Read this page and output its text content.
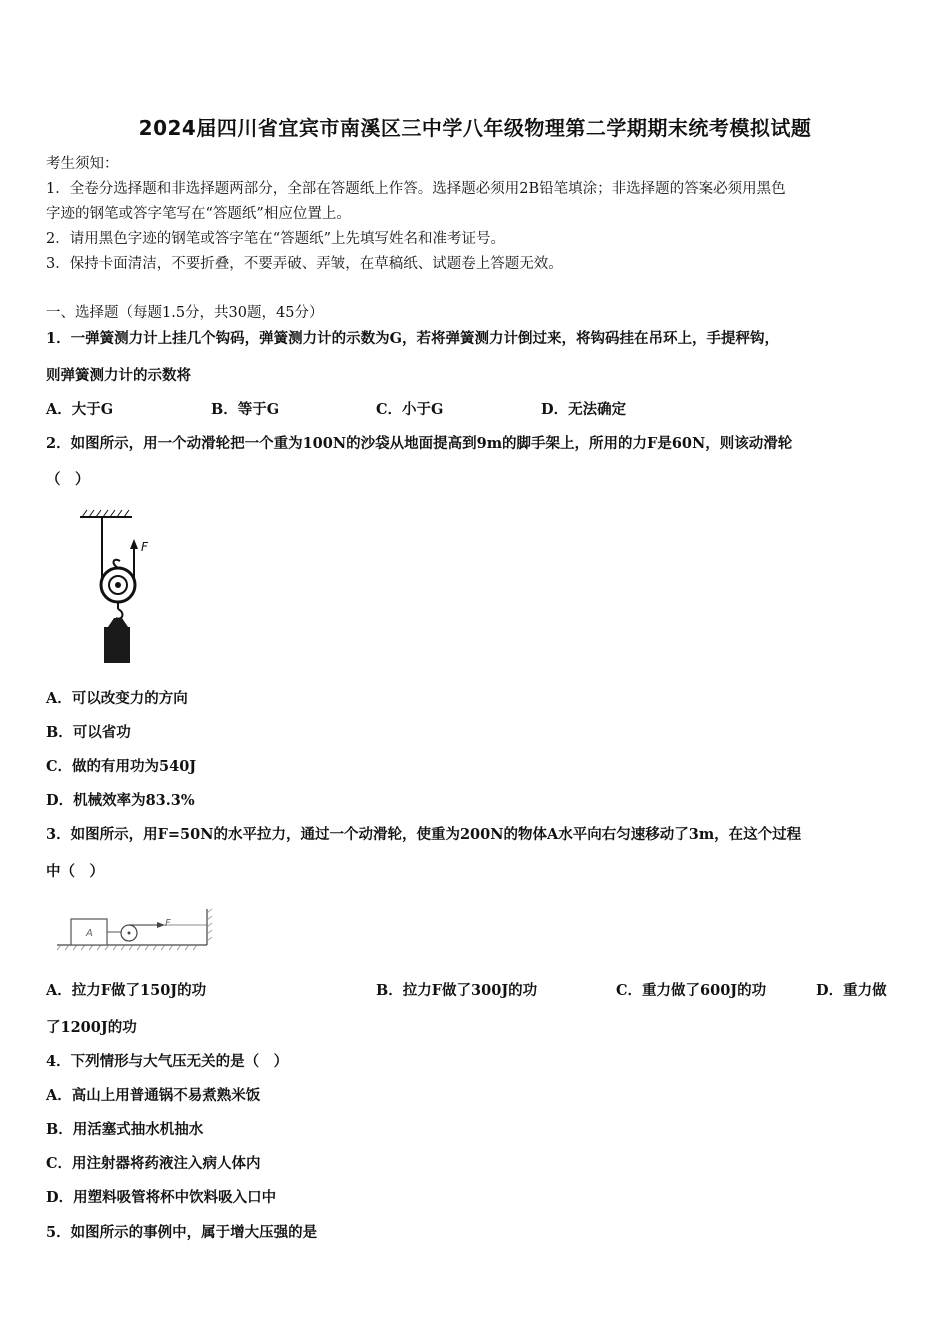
2024届四川省宜宾市南溪区三中学八年级物理第二学期期末统考模拟试题
考生须知：
1．全卷分选择题和非选择题两部分，全部在答题纸上作答。选择题必须用2B铅笔填涂；非选择题的答案必须用黑色
字迹的钢笔或答字笔写在“答题纸”相应位置上。
2．请用黑色字迹的钢笔或答字笔在“答题纸”上先填写姓名和准考证号。
3．保持卡面清洁，不要折叠，不要弄破、弄皱，在草稿纸、试题卷上答题无效。
一、选择题（每题1.5分，共30题，45分）
1．一弹簧测力计上挂几个钩码，弹簧测力计的示数为G，若将弹簧测力计倒过来，将钩码挂在吊环上，手提秤钩，
则弹簧测力计的示数将
A．大于G	B．等于G	C．小于G	D．无法确定
2．如图所示，用一个动滑轮把一个重为100N的沙袋从地面提高到9m的脚手架上，所用的力F是60N，则该动滑轮
（　）
F
A．可以改变力的方向
B．可以省功
C．做的有用功为540J
D．机械效率为83.3%
3．如图所示，用F=50N的水平拉力，通过一个动滑轮，使重为200N的物体A水平向右匀速移动了3m，在这个过程
中（　）
A
F
A．拉力F做了150J的功	B．拉力F做了300J的功	C．重力做了600J的功	D．重力做
了1200J的功
4．下列情形与大气压无关的是（　）
A．高山上用普通锅不易煮熟米饭
B．用活塞式抽水机抽水
C．用注射器将药液注入病人体内
D．用塑料吸管将杯中饮料吸入口中
5．如图所示的事例中，属于增大压强的是
